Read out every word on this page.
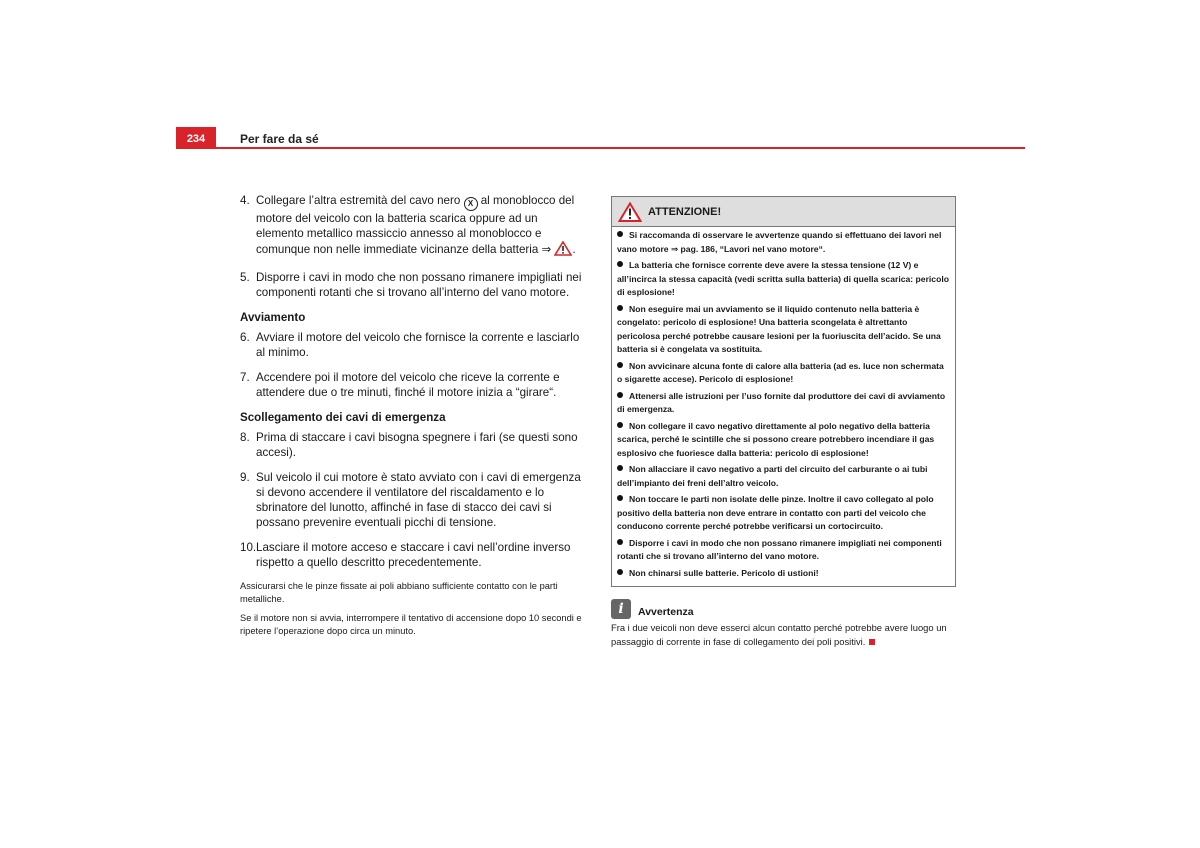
234	Per fare da sé
4. Collegare l’altra estremità del cavo nero X al monoblocco del motore del veicolo con la batteria scarica oppure ad un elemento metallico massiccio annesso al monoblocco e comunque non nelle immediate vicinanze della batteria ⇒ .
5. Disporre i cavi in modo che non possano rimanere impigliati nei componenti rotanti che si trovano all’interno del vano motore.
Avviamento
6. Avviare il motore del veicolo che fornisce la corrente e lasciarlo al minimo.
7. Accendere poi il motore del veicolo che riceve la corrente e attendere due o tre minuti, finché il motore inizia a “girare“.
Scollegamento dei cavi di emergenza
8. Prima di staccare i cavi bisogna spegnere i fari (se questi sono accesi).
9. Sul veicolo il cui motore è stato avviato con i cavi di emergenza si devono accendere il ventilatore del riscaldamento e lo sbrinatore del lunotto, affinché in fase di stacco dei cavi si possano prevenire eventuali picchi di tensione.
10. Lasciare il motore acceso e staccare i cavi nell’ordine inverso rispetto a quello descritto precedentemente.

Assicurarsi che le pinze fissate ai poli abbiano sufficiente contatto con le parti metalliche.

Se il motore non si avvia, interrompere il tentativo di accensione dopo 10 secondi e ripetere l’operazione dopo circa un minuto.

ATTENZIONE!
Si raccomanda di osservare le avvertenze quando si effettuano dei lavori nel vano motore ⇒ pag. 186, “Lavori nel vano motore“.
La batteria che fornisce corrente deve avere la stessa tensione (12 V) e all’incirca la stessa capacità (vedi scritta sulla batteria) di quella scarica: pericolo di esplosione!
Non eseguire mai un avviamento se il liquido contenuto nella batteria è congelato: pericolo di esplosione! Una batteria scongelata è altrettanto pericolosa perché potrebbe causare lesioni per la fuoriuscita dell’acido. Se una batteria si è congelata va sostituita.
Non avvicinare alcuna fonte di calore alla batteria (ad es. luce non schermata o sigarette accese). Pericolo di esplosione!
Attenersi alle istruzioni per l’uso fornite dal produttore dei cavi di avviamento di emergenza.
Non collegare il cavo negativo direttamente al polo negativo della batteria scarica, perché le scintille che si possono creare potrebbero incendiare il gas esplosivo che fuoriesce dalla batteria: pericolo di esplosione!
Non allacciare il cavo negativo a parti del circuito del carburante o ai tubi dell’impianto dei freni dell’altro veicolo.
Non toccare le parti non isolate delle pinze. Inoltre il cavo collegato al polo positivo della batteria non deve entrare in contatto con parti del veicolo che conducono corrente perché potrebbe verificarsi un cortocircuito.
Disporre i cavi in modo che non possano rimanere impigliati nei componenti rotanti che si trovano all’interno del vano motore.
Non chinarsi sulle batterie. Pericolo di ustioni!
i	Avvertenza
Fra i due veicoli non deve esserci alcun contatto perché potrebbe avere luogo un passaggio di corrente in fase di collegamento dei poli positivi.
